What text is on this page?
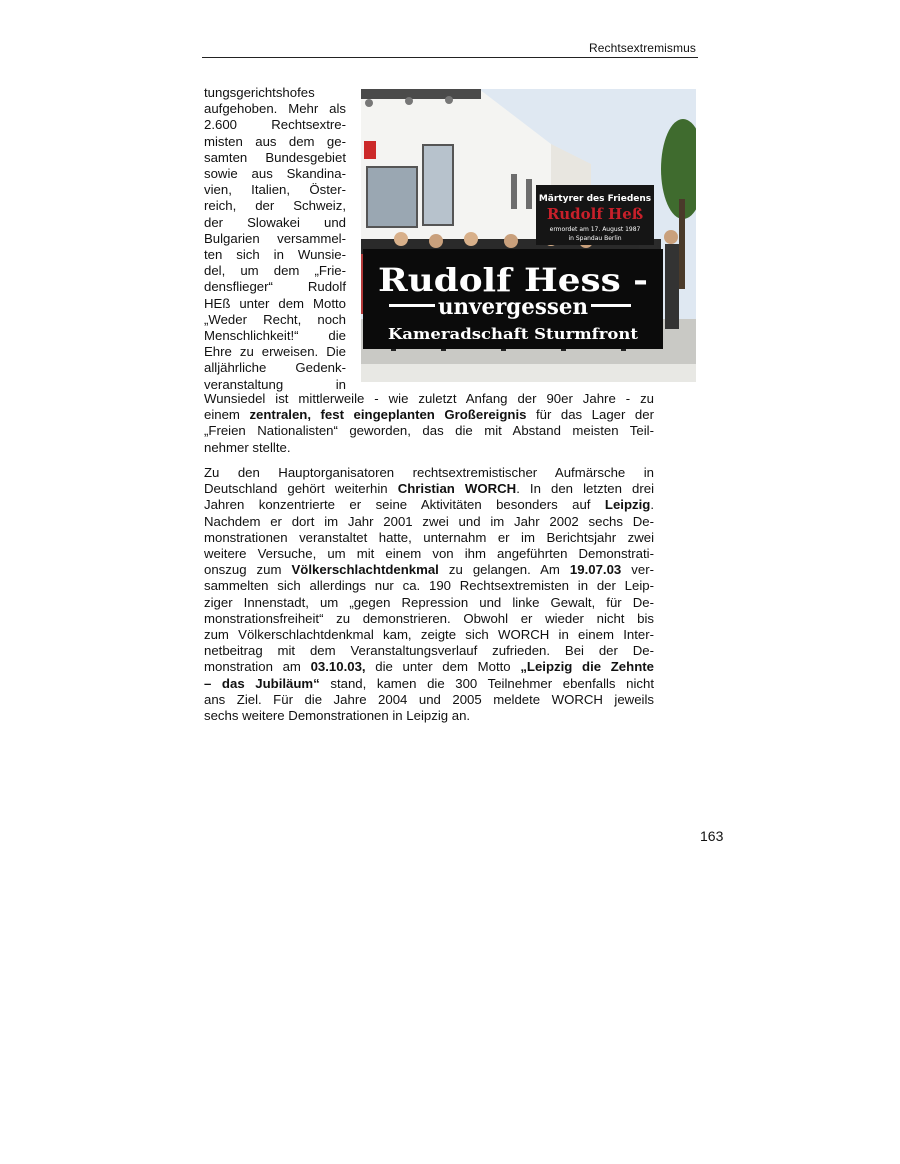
Rechtsextremismus
tungsgerichtshofes
aufgehoben. Mehr als
2.600 Rechtsextre-
misten aus dem ge-
samten Bundesgebiet
sowie aus Skandina-
vien, Italien, Öster-
reich, der Schweiz,
der Slowakei und
Bulgarien versammel-
ten sich in Wunsie-
del, um dem „Frie-
densflieger“ Rudolf
HEß unter dem Motto
„Weder Recht, noch
Menschlichkeit!“ die
Ehre zu erweisen. Die
alljährliche Gedenk-
veranstaltung in
Märtyrer des Friedens
Rudolf Heß
ermordet am 17. August 1987
in Spandau Berlin
Rudolf Hess -
unvergessen
Kameradschaft Sturmfront
Wunsiedel ist mittlerweile - wie zuletzt Anfang der 90er Jahre - zu
einem zentralen, fest eingeplanten Großereignis für das Lager der
„Freien Nationalisten“ geworden, das die mit Abstand meisten Teil-
nehmer stellte.
Zu den Hauptorganisatoren rechtsextremistischer Aufmärsche in
Deutschland gehört weiterhin Christian WORCH. In den letzten drei
Jahren konzentrierte er seine Aktivitäten besonders auf Leipzig.
Nachdem er dort im Jahr 2001 zwei und im Jahr 2002 sechs De-
monstrationen veranstaltet hatte, unternahm er im Berichtsjahr zwei
weitere Versuche, um mit einem von ihm angeführten Demonstrati-
onszug zum Völkerschlachtdenkmal zu gelangen. Am 19.07.03 ver-
sammelten sich allerdings nur ca. 190 Rechtsextremisten in der Leip-
ziger Innenstadt, um „gegen Repression und linke Gewalt, für De-
monstrationsfreiheit“ zu demonstrieren. Obwohl er wieder nicht bis
zum Völkerschlachtdenkmal kam, zeigte sich WORCH in einem Inter-
netbeitrag mit dem Veranstaltungsverlauf zufrieden. Bei der De-
monstration am 03.10.03, die unter dem Motto „Leipzig die Zehnte
– das Jubiläum“ stand, kamen die 300 Teilnehmer ebenfalls nicht
ans Ziel. Für die Jahre 2004 und 2005 meldete WORCH jeweils
sechs weitere Demonstrationen in Leipzig an.
163
